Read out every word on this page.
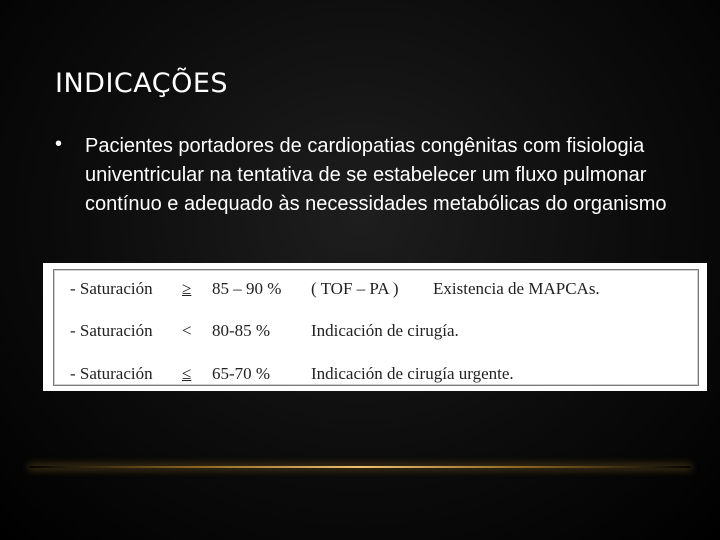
INDICAÇÕES
• Pacientes portadores de cardiopatias congênitas com fisiologia univentricular na tentativa de se estabelecer um fluxo pulmonar contínuo e adequado às necessidades metabólicas do organismo
- Saturación ≥ 85 – 90 % ( TOF – PA ) Existencia de MAPCAs.
- Saturación < 80-85 % Indicación de cirugía.
- Saturación ≤ 65-70 % Indicación de cirugía urgente.
